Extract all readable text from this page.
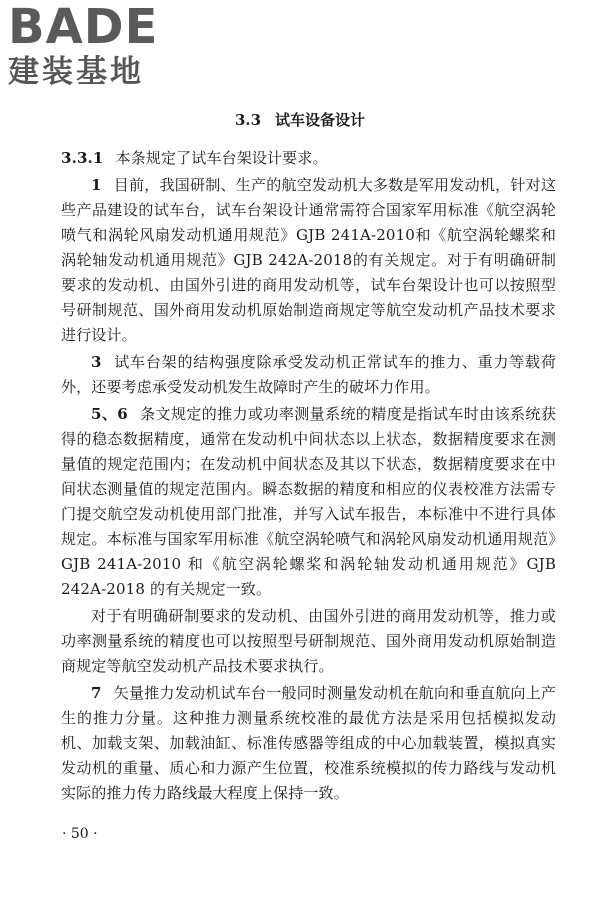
BADE
建装基地
3.3 试车设备设计

3.3.1 本条规定了试车台架设计要求。

1 目前，我国研制、生产的航空发动机大多数是军用发动机，针对这些产品建设的试车台，试车台架设计通常需符合国家军用标准《航空涡轮喷气和涡轮风扇发动机通用规范》GJB 241A-2010和《航空涡轮螺桨和涡轮轴发动机通用规范》GJB 242A-2018的有关规定。对于有明确研制要求的发动机、由国外引进的商用发动机等，试车台架设计也可以按照型号研制规范、国外商用发动机原始制造商规定等航空发动机产品技术要求进行设计。

3 试车台架的结构强度除承受发动机正常试车的推力、重力等载荷外，还要考虑承受发动机发生故障时产生的破坏力作用。

5、6 条文规定的推力或功率测量系统的精度是指试车时由该系统获得的稳态数据精度，通常在发动机中间状态以上状态，数据精度要求在测量值的规定范围内；在发动机中间状态及其以下状态，数据精度要求在中间状态测量值的规定范围内。瞬态数据的精度和相应的仪表校准方法需专门提交航空发动机使用部门批准，并写入试车报告，本标准中不进行具体规定。本标准与国家军用标准《航空涡轮喷气和涡轮风扇发动机通用规范》GJB 241A-2010 和《航空涡轮螺桨和涡轮轴发动机通用规范》GJB 242A-2018 的有关规定一致。

对于有明确研制要求的发动机、由国外引进的商用发动机等，推力或功率测量系统的精度也可以按照型号研制规范、国外商用发动机原始制造商规定等航空发动机产品技术要求执行。

7 矢量推力发动机试车台一般同时测量发动机在航向和垂直航向上产生的推力分量。这种推力测量系统校准的最优方法是采用包括模拟发动机、加载支架、加载油缸、标准传感器等组成的中心加载装置，模拟真实发动机的重量、质心和力源产生位置，校准系统模拟的传力路线与发动机实际的推力传力路线最大程度上保持一致。

· 50 ·
